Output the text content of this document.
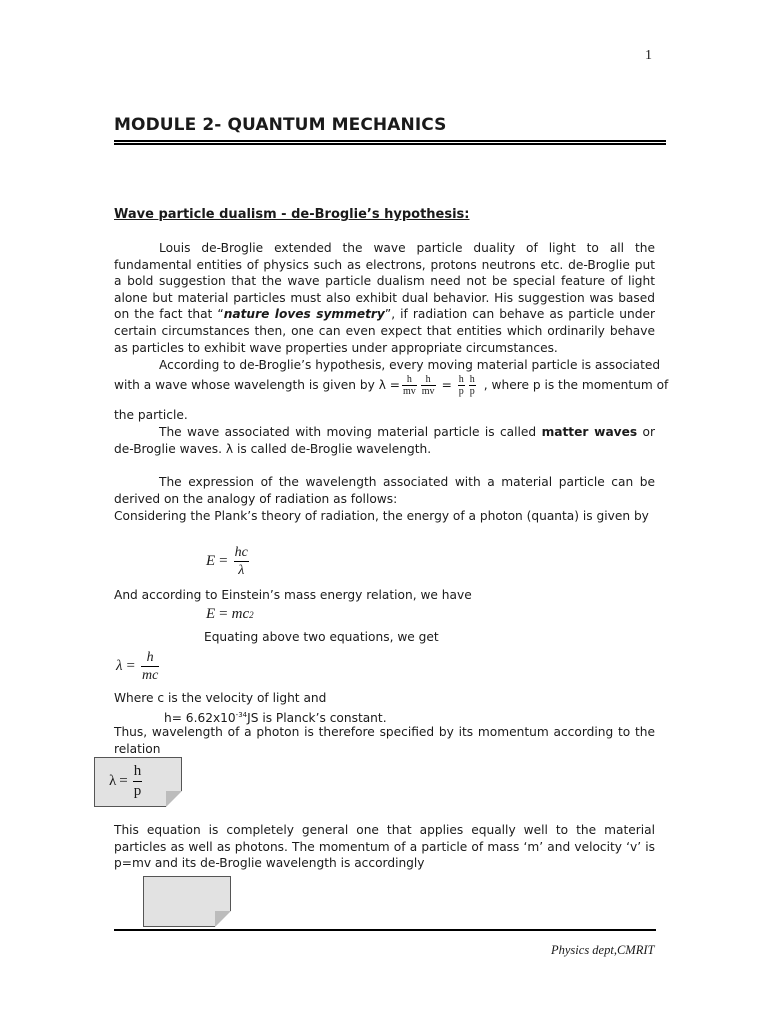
1
MODULE 2- QUANTUM MECHANICS
Wave particle dualism - de-Broglie’s hypothesis:
Louis de-Broglie extended the wave particle duality of light to all the fundamental entities of physics such as electrons, protons neutrons etc. de-Broglie put a bold suggestion that the wave particle dualism need not be special feature of light alone but material particles must also exhibit dual behavior. His suggestion was based on the fact that “nature loves symmetry”, if radiation can behave as particle under certain circumstances then, one can even expect that entities which ordinarily behave as particles to exhibit wave properties under appropriate circumstances.
According to de-Broglie’s hypothesis, every moving material particle is associated
with a wave whose wavelength is given by $\lambda = \frac{h}{mv} \frac{h}{mv} = \frac{h}{p} \frac{h}{p}$ , where p is the momentum of
the particle.
The wave associated with moving material particle is called matter waves or de-Broglie waves. λ is called de-Broglie wavelength.
The expression of the wavelength associated with a material particle can be derived on the analogy of radiation as follows:
Considering the Plank’s theory of radiation, the energy of a photon (quanta) is given by
$E = \frac{hc}{\lambda}$
And according to Einstein’s mass energy relation, we have
E = mc 2
Equating above two equations, we get
$\lambda = \frac{h}{mc}$
Where c is the velocity of light and
$h= 6.62x10^{-34}JS$ is Planck’s constant.
Thus, wavelength of a photon is therefore specified by its momentum according to the relation
$\lambda = \frac{h}{p}$
This equation is completely general one that applies equally well to the material particles as well as photons. The momentum of a particle of mass ‘m’ and velocity ‘v’ is p=mv and its de-Broglie wavelength is accordingly
Physics dept,CMRIT
